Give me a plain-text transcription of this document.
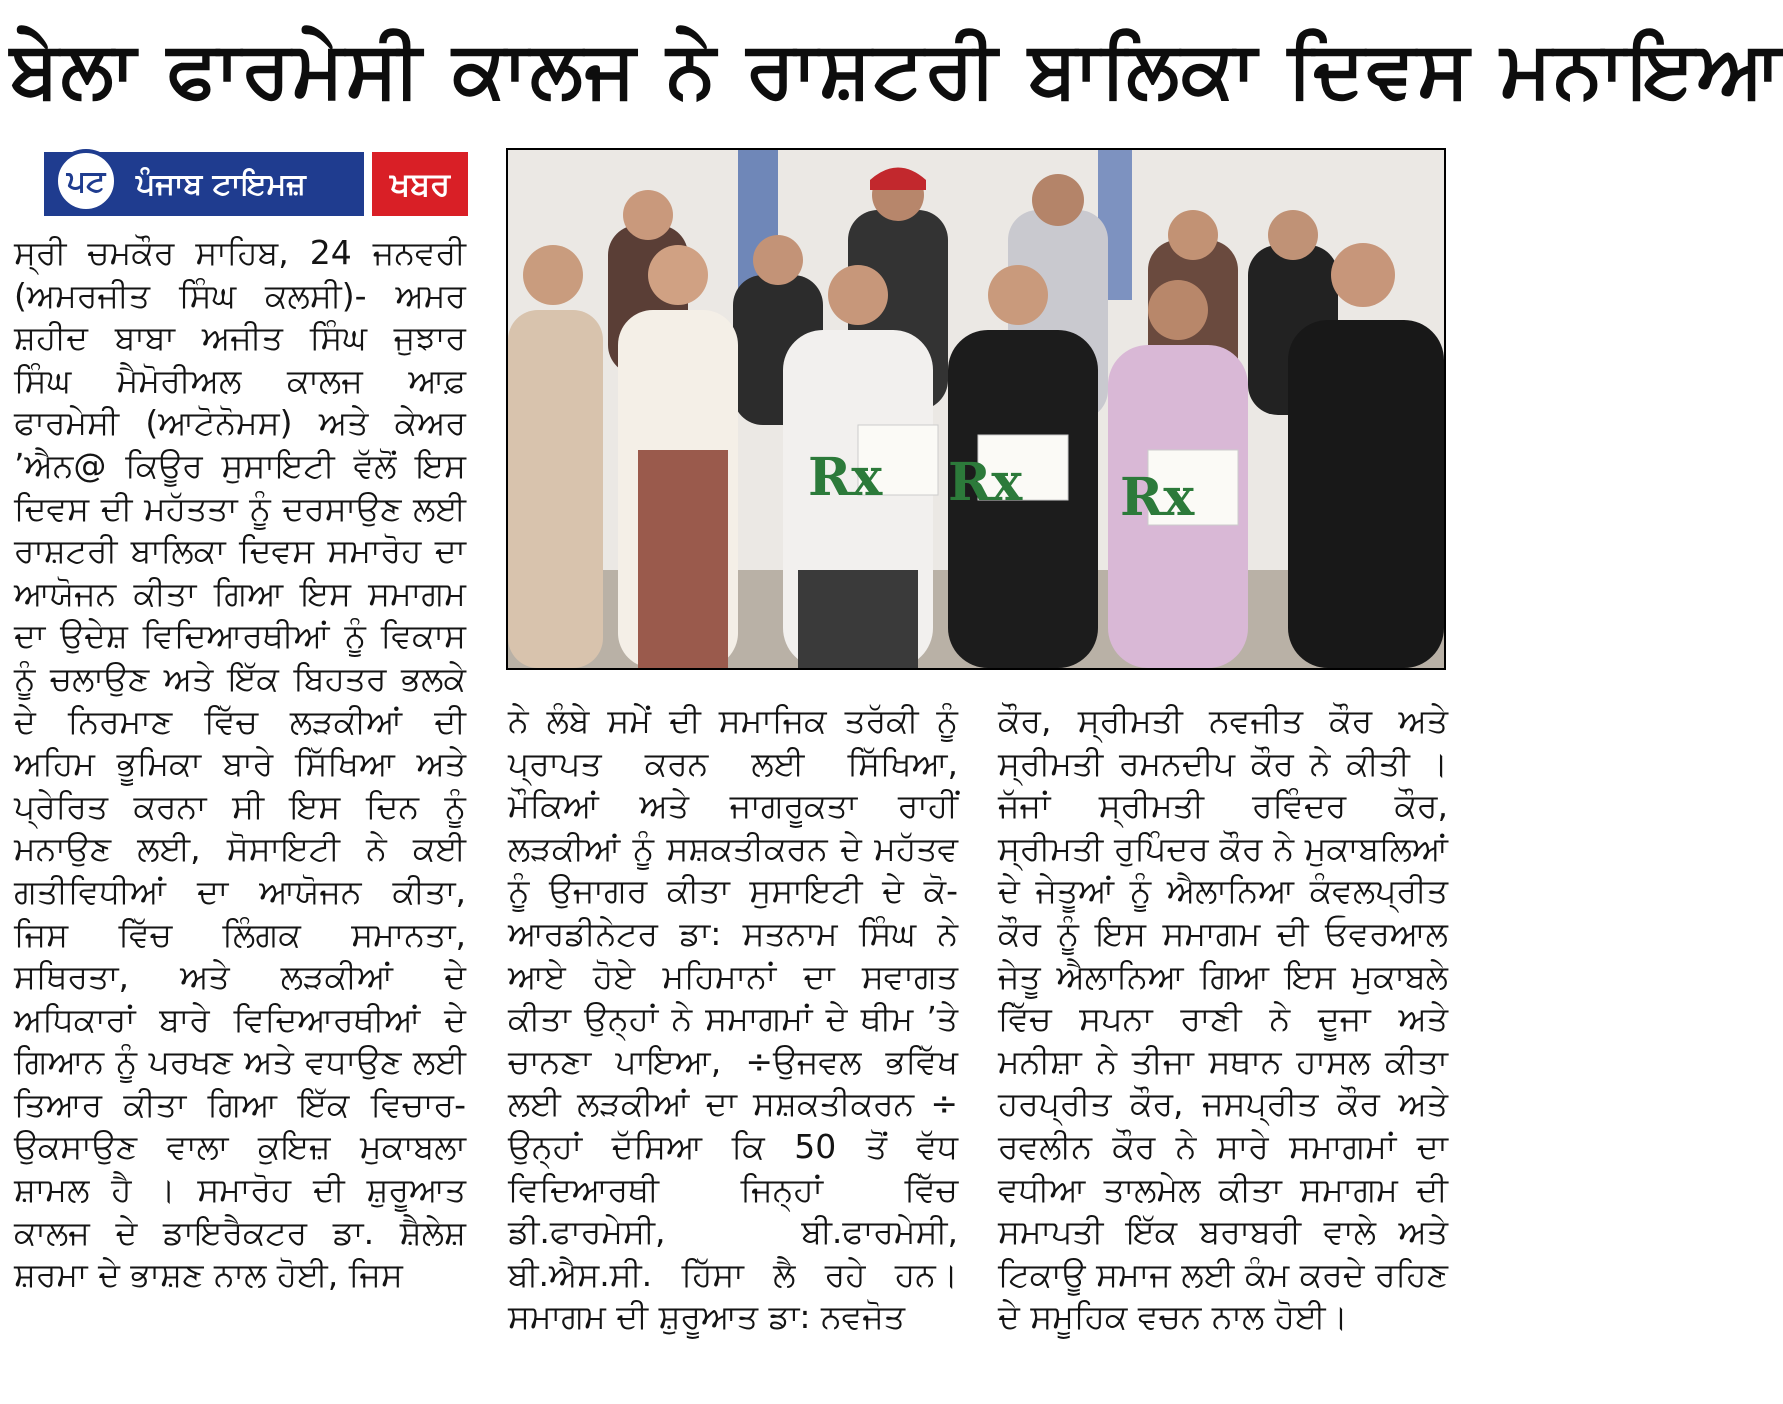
ਬੇਲਾ ਫਾਰਮੇਸੀ ਕਾਲਜ ਨੇ ਰਾਸ਼ਟਰੀ ਬਾਲਿਕਾ ਦਿਵਸ ਮਨਾਇਆ
ਪਟ	ਪੰਜਾਬ ਟਾਇਮਜ਼	ਖਬਰ
Rx Rx Rx

ਸ੍ਰੀ ਚਮਕੌਰ ਸਾਹਿਬ, 24 ਜਨਵਰੀ (ਅਮਰਜੀਤ ਸਿੰਘ ਕਲਸੀ)- ਅਮਰ ਸ਼ਹੀਦ ਬਾਬਾ ਅਜੀਤ ਸਿੰਘ ਜੁਝਾਰ ਸਿੰਘ ਮੈਮੋਰੀਅਲ ਕਾਲਜ ਆਫ਼ ਫਾਰਮੇਸੀ (ਆਟੋਨੋਮਸ) ਅਤੇ ਕੇਅਰ ’ਐਨ@ ਕਿਊਰ ਸੁਸਾਇਟੀ ਵੱਲੋਂ ਇਸ ਦਿਵਸ ਦੀ ਮਹੱਤਤਾ ਨੂੰ ਦਰਸਾਉਣ ਲਈ ਰਾਸ਼ਟਰੀ ਬਾਲਿਕਾ ਦਿਵਸ ਸਮਾਰੋਹ ਦਾ ਆਯੋਜਨ ਕੀਤਾ ਗਿਆ ਇਸ ਸਮਾਗਮ ਦਾ ਉਦੇਸ਼ ਵਿਦਿਆਰਥੀਆਂ ਨੂੰ ਵਿਕਾਸ ਨੂੰ ਚਲਾਉਣ ਅਤੇ ਇੱਕ ਬਿਹਤਰ ਭਲਕੇ ਦੇ ਨਿਰਮਾਣ ਵਿੱਚ ਲੜਕੀਆਂ ਦੀ ਅਹਿਮ ਭੂਮਿਕਾ ਬਾਰੇ ਸਿੱਖਿਆ ਅਤੇ ਪ੍ਰੇਰਿਤ ਕਰਨਾ ਸੀ ਇਸ ਦਿਨ ਨੂੰ ਮਨਾਉਣ ਲਈ, ਸੋਸਾਇਟੀ ਨੇ ਕਈ ਗਤੀਵਿਧੀਆਂ ਦਾ ਆਯੋਜਨ ਕੀਤਾ, ਜਿਸ ਵਿੱਚ ਲਿੰਗਕ ਸਮਾਨਤਾ, ਸਥਿਰਤਾ, ਅਤੇ ਲੜਕੀਆਂ ਦੇ ਅਧਿਕਾਰਾਂ ਬਾਰੇ ਵਿਦਿਆਰਥੀਆਂ ਦੇ ਗਿਆਨ ਨੂੰ ਪਰਖਣ ਅਤੇ ਵਧਾਉਣ ਲਈ ਤਿਆਰ ਕੀਤਾ ਗਿਆ ਇੱਕ ਵਿਚਾਰ-ਉਕਸਾਉਣ ਵਾਲਾ ਕੁਇਜ਼ ਮੁਕਾਬਲਾ ਸ਼ਾਮਲ ਹੈ । ਸਮਾਰੋਹ ਦੀ ਸ਼ੁਰੂਆਤ ਕਾਲਜ ਦੇ ਡਾਇਰੈਕਟਰ ਡਾ. ਸ਼ੈਲੇਸ਼ ਸ਼ਰਮਾ ਦੇ ਭਾਸ਼ਣ ਨਾਲ ਹੋਈ, ਜਿਸ

ਨੇ ਲੰਬੇ ਸਮੇਂ ਦੀ ਸਮਾਜਿਕ ਤਰੱਕੀ ਨੂੰ ਪ੍ਰਾਪਤ ਕਰਨ ਲਈ ਸਿੱਖਿਆ, ਮੌਕਿਆਂ ਅਤੇ ਜਾਗਰੂਕਤਾ ਰਾਹੀਂ ਲੜਕੀਆਂ ਨੂੰ ਸਸ਼ਕਤੀਕਰਨ ਦੇ ਮਹੱਤਵ ਨੂੰ ਉਜਾਗਰ ਕੀਤਾ ਸੁਸਾਇਟੀ ਦੇ ਕੋ-ਆਰਡੀਨੇਟਰ ਡਾ: ਸਤਨਾਮ ਸਿੰਘ ਨੇ ਆਏ ਹੋਏ ਮਹਿਮਾਨਾਂ ਦਾ ਸਵਾਗਤ ਕੀਤਾ ਉਨ੍ਹਾਂ ਨੇ ਸਮਾਗਮਾਂ ਦੇ ਥੀਮ ’ਤੇ ਚਾਨਣਾ ਪਾਇਆ, ÷ਉਜਵਲ ਭਵਿੱਖ ਲਈ ਲੜਕੀਆਂ ਦਾ ਸਸ਼ਕਤੀਕਰਨ ÷ ਉਨ੍ਹਾਂ ਦੱਸਿਆ ਕਿ 50 ਤੋਂ ਵੱਧ ਵਿਦਿਆਰਥੀ ਜਿਨ੍ਹਾਂ ਵਿੱਚ ਡੀ.ਫਾਰਮੇਸੀ, ਬੀ.ਫਾਰਮੇਸੀ, ਬੀ.ਐਸ.ਸੀ. ਹਿੱਸਾ ਲੈ ਰਹੇ ਹਨ। ਸਮਾਗਮ ਦੀ ਸ਼ੁਰੂਆਤ ਡਾ: ਨਵਜੋਤ

ਕੌਰ, ਸ੍ਰੀਮਤੀ ਨਵਜੀਤ ਕੌਰ ਅਤੇ ਸ੍ਰੀਮਤੀ ਰਮਨਦੀਪ ਕੌਰ ਨੇ ਕੀਤੀ । ਜੱਜਾਂ ਸ੍ਰੀਮਤੀ ਰਵਿੰਦਰ ਕੌਰ, ਸ੍ਰੀਮਤੀ ਰੁਪਿੰਦਰ ਕੌਰ ਨੇ ਮੁਕਾਬਲਿਆਂ ਦੇ ਜੇਤੂਆਂ ਨੂੰ ਐਲਾਨਿਆ ਕੰਵਲਪ੍ਰੀਤ ਕੌਰ ਨੂੰ ਇਸ ਸਮਾਗਮ ਦੀ ਓਵਰਆਲ ਜੇਤੂ ਐਲਾਨਿਆ ਗਿਆ ਇਸ ਮੁਕਾਬਲੇ ਵਿੱਚ ਸਪਨਾ ਰਾਣੀ ਨੇ ਦੂਜਾ ਅਤੇ ਮਨੀਸ਼ਾ ਨੇ ਤੀਜਾ ਸਥਾਨ ਹਾਸਲ ਕੀਤਾ ਹਰਪ੍ਰੀਤ ਕੌਰ, ਜਸਪ੍ਰੀਤ ਕੌਰ ਅਤੇ ਰਵਲੀਨ ਕੌਰ ਨੇ ਸਾਰੇ ਸਮਾਗਮਾਂ ਦਾ ਵਧੀਆ ਤਾਲਮੇਲ ਕੀਤਾ ਸਮਾਗਮ ਦੀ ਸਮਾਪਤੀ ਇੱਕ ਬਰਾਬਰੀ ਵਾਲੇ ਅਤੇ ਟਿਕਾਊ ਸਮਾਜ ਲਈ ਕੰਮ ਕਰਦੇ ਰਹਿਣ ਦੇ ਸਮੂਹਿਕ ਵਚਨ ਨਾਲ ਹੋਈ।
